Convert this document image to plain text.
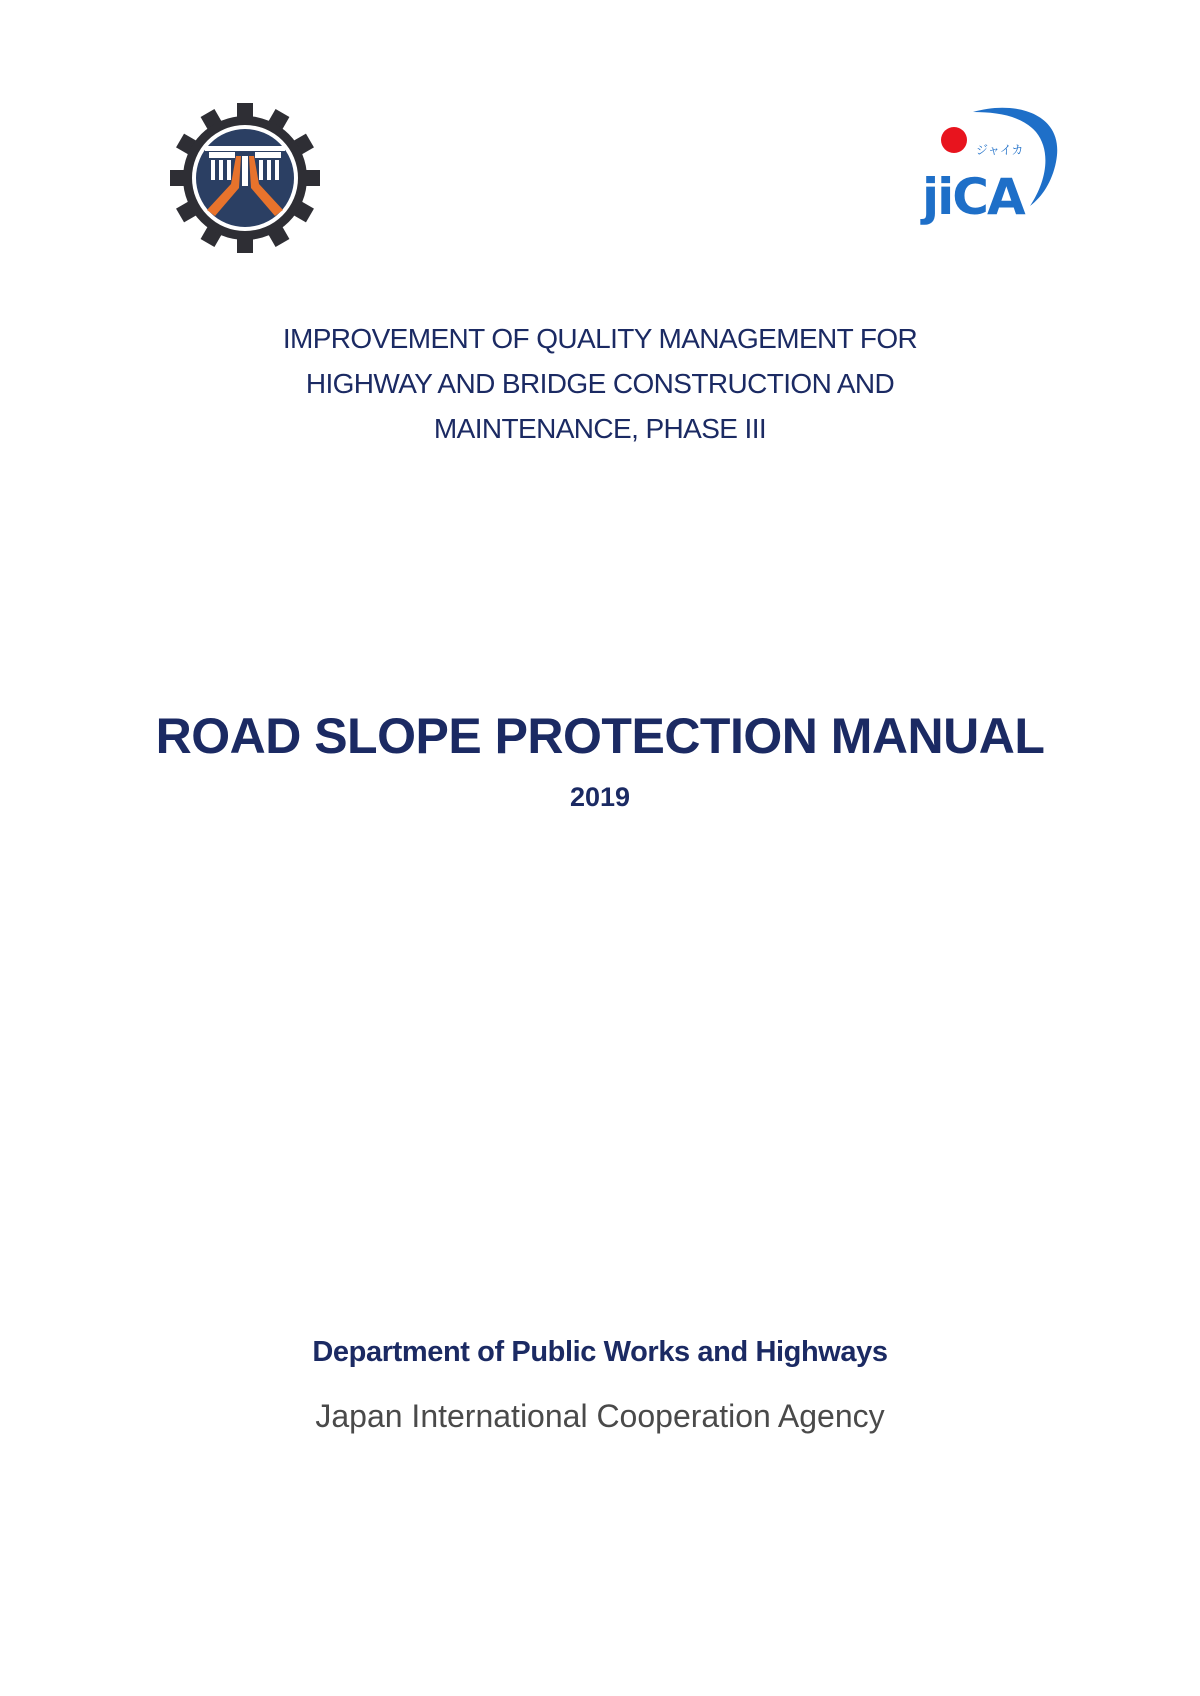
ジャイカ
jiCA
IMPROVEMENT OF QUALITY MANAGEMENT FOR
HIGHWAY AND BRIDGE CONSTRUCTION AND
MAINTENANCE, PHASE III
ROAD SLOPE PROTECTION MANUAL
2019
Department of Public Works and Highways
Japan International Cooperation Agency
